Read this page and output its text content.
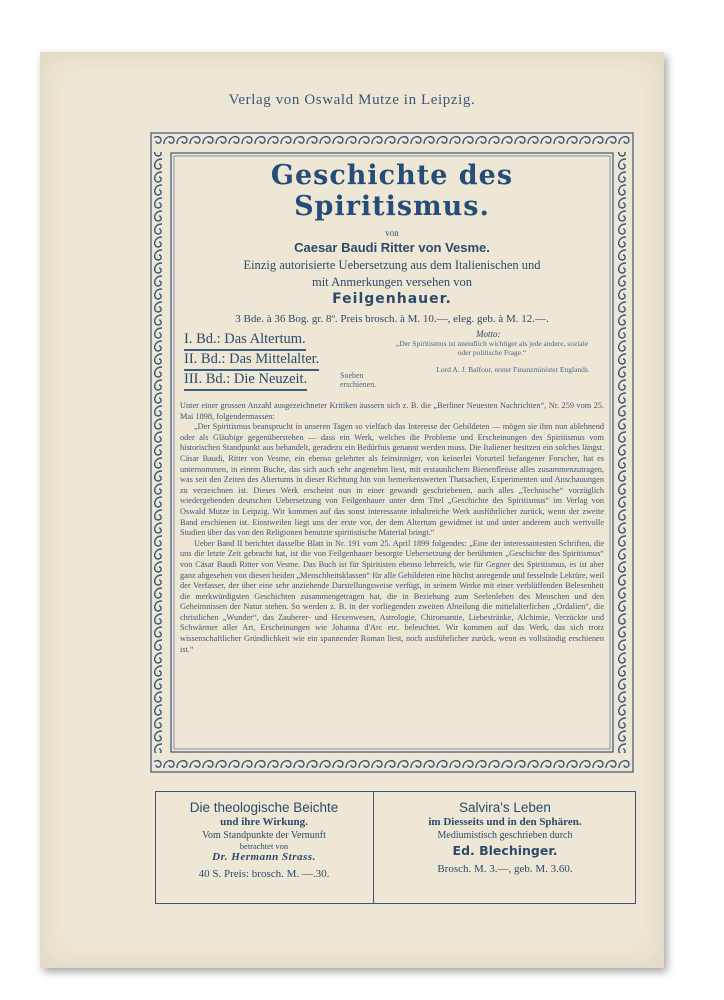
Verlag von Oswald Mutze in Leipzig.
Geschichte des Spiritismus.
von
Caesar Baudi Ritter von Vesme.
Einzig autorisierte Uebersetzung aus dem Italienischen und
mit Anmerkungen versehen von
Feilgenhauer.
3 Bde. à 36 Bog. gr. 8º. Preis brosch. à M. 10.—, eleg. geb. à M. 12.—.
I. Bd.: Das Altertum.
II. Bd.: Das Mittelalter.
III. Bd.: Die Neuzeit.	Soeben erschienen.
Motto:
„Der Spiritismus ist unendlich wichtiger als jede andere, soziale oder politische Frage.“
Lord A. J. Balfour, erster Finanzminister Englands.

Unter einer grossen Anzahl ausgezeichneter Kritiken äussern sich z. B. die „Berliner Neuesten Nachrichten“, Nr. 259 vom 25. Mai 1898, folgendermassen:

„Der Spiritismus beansprucht in unseren Tagen so vielfach das Interesse der Gebildeten — mögen sie ihm nun ablehnend oder als Gläubige gegenüberstehen — dass ein Werk, welches die Probleme und Erscheinungen des Spiritismus vom historischen Standpunkt aus behandelt, geradezu ein Bedürfnis genannt werden muss. Die Italiener besitzen ein solches längst. Cäsar Baudi, Ritter von Vesme, ein ebenso gelehrter als feinsinniger, von keinerlei Vorurteil befangener Forscher, hat es unternommen, in einem Buche, das sich auch sehr angenehm liest, mit erstaunlichem Bienenfleisse alles zusammenzutragen, was seit den Zeiten des Altertums in dieser Richtung hin von bemerkenswerten Thatsachen, Experimenten und Anschauungen zu verzeichnen ist. Dieses Werk erscheint nun in einer gewandt geschriebenen, auch alles „Technische“ vorzüglich wiedergebenden deutschen Uebersetzung von Feilgenhauer unter dem Titel „Geschichte des Spiritismus“ im Verlag von Oswald Mutze in Leipzig. Wir kommen auf das sonst interessante inhaltreiche Werk ausführlicher zurück, wenn der zweite Band erschienen ist. Einstweilen liegt uns der erste vor, der dem Altertum gewidmet ist und unter anderem auch wertvolle Studien über das von den Religionen benutzte spiritistische Material bringt.“

Ueber Band II berichtet dasselbe Blatt in Nr. 191 vom 25. April 1899 folgendes: „Eine der interessantesten Schriften, die uns die letzte Zeit gebracht hat, ist die von Feilgenhauer besorgte Uebersetzung der berühmten „Geschichte des Spiritismus“ von Cäsar Baudi Ritter von Vesme. Das Buch ist für Spiritisten ebenso lehrreich, wie für Gegner des Spiritismus, es ist aber ganz abgesehen von diesen beiden „Menschheitsklassen“ für alle Gebildeten eine höchst anregende und fesselnde Lektüre, weil der Verfasser, der über eine sehr anziehende Darstellungsweise verfügt, in seinem Werke mit einer verblüffenden Belesenheit die merkwürdigsten Geschichten zusammengetragen hat, die in Beziehung zum Seelenleben des Menschen und den Geheimnissen der Natur stehen. So werden z. B. in der vorliegenden zweiten Abteilung die mittelalterlichen „Ordalien“, die christlichen „Wunder“, das Zauberer- und Hexenwesen, Astrologie, Chiromantie, Liebestränke, Alchimie, Verzückte und Schwärmer aller Art, Erscheinungen wie Johanna d'Arc etc. beleuchtet. Wir kommen auf das Werk, das sich trotz wissenschaftlicher Gründlichkeit wie ein spannender Roman liest, noch ausführlicher zurück, wenn es vollständig erschienen ist.“

Die theologische Beichte
und ihre Wirkung.
Vom Standpunkte der Vernunft
betrachtet von
Dr. Hermann Strass.
40 S. Preis: brosch. M. —.30.
Salvira's Leben
im Diesseits und in den Sphären.
Mediumistisch geschrieben durch
Ed. Blechinger.
Brosch. M. 3.—, geb. M. 3.60.
